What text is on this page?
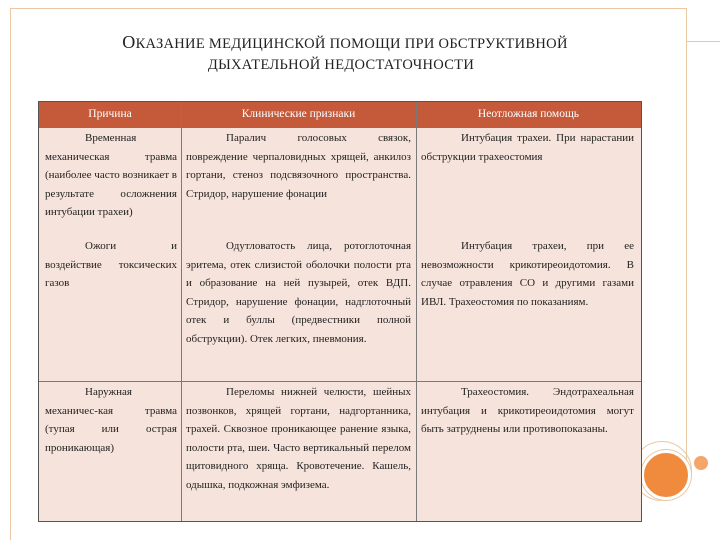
ОКАЗАНИЕ МЕДИЦИНСКОЙ ПОМОЩИ ПРИ ОБСТРУКТИВНОЙ
ДЫХАТЕЛЬНОЙ НЕДОСТАТОЧНОСТИ
Причина	Клинические признаки	Неотложная помощь

Временная механическая травма (наиболее часто возникает в результате осложнения интубации трахеи)

Паралич голосовых связок, повреждение черпаловидных хрящей, анкилоз гортани, стеноз подсвязочного пространства. Стридор, нарушение фонации

Интубация трахеи. При нарастании обструкции трахеостомия

Ожоги и воздействие токсических газов

Одутловатость лица, ротоглоточная эритема, отек слизистой оболочки полости рта и образование на ней пузырей, отек ВДП. Стридор, нарушение фонации, надглоточный отек и буллы (предвестники полной обструкции). Отек легких, пневмония.

Интубация трахеи, при ее невозможности крикотиреоидотомия. В случае отравления СО и другими газами ИВЛ. Трахеостомия по показаниям.

Наружная механичес-кая травма (тупая или острая проникающая)

Переломы нижней челюсти, шейных позвонков, хрящей гортани, надгортанника, трахей. Сквозное проникающее ранение языка, полости рта, шеи. Часто вертикальный перелом щитовидного хряща. Кровотечение. Кашель, одышка, подкожная эмфизема.

Трахеостомия. Эндотрахеальная интубация и крикотиреоидотомия могут быть затруднены или противопоказаны.
